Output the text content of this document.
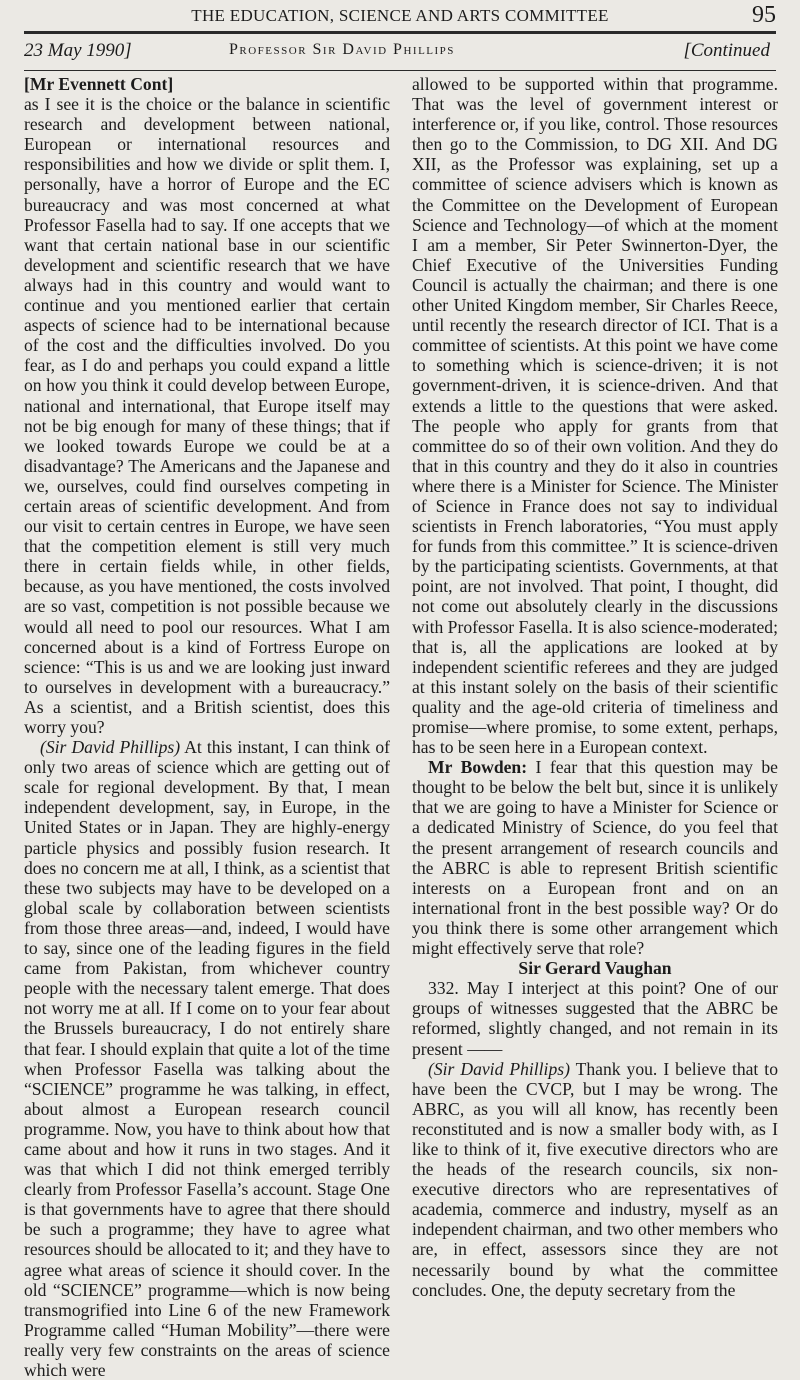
THE EDUCATION, SCIENCE AND ARTS COMMITTEE	95
23 May 1990]	Professor Sir David Phillips	[Continued

[Mr Evennett Cont]

as I see it is the choice or the balance in scientific research and development between national, European or international resources and responsibilities and how we divide or split them. I, personally, have a horror of Europe and the EC bureaucracy and was most concerned at what Professor Fasella had to say. If one accepts that we want that certain national base in our scientific development and scientific research that we have always had in this country and would want to continue and you mentioned earlier that certain aspects of science had to be international because of the cost and the difficulties involved. Do you fear, as I do and perhaps you could expand a little on how you think it could develop between Europe, national and international, that Europe itself may not be big enough for many of these things; that if we looked towards Europe we could be at a disadvantage? The Americans and the Japanese and we, ourselves, could find ourselves competing in certain areas of scientific development. And from our visit to certain centres in Europe, we have seen that the competition element is still very much there in certain fields while, in other fields, because, as you have mentioned, the costs involved are so vast, competition is not possible because we would all need to pool our resources. What I am concerned about is a kind of Fortress Europe on science: “This is us and we are looking just inward to ourselves in development with a bureaucracy.” As a scientist, and a British scientist, does this worry you?

(Sir David Phillips) At this instant, I can think of only two areas of science which are getting out of scale for regional development. By that, I mean independent development, say, in Europe, in the United States or in Japan. They are highly-energy particle physics and possibly fusion research. It does no concern me at all, I think, as a scientist that these two subjects may have to be developed on a global scale by collaboration between scientists from those three areas—and, indeed, I would have to say, since one of the leading figures in the field came from Pakistan, from whichever country people with the necessary talent emerge. That does not worry me at all. If I come on to your fear about the Brussels bureaucracy, I do not entirely share that fear. I should explain that quite a lot of the time when Professor Fasella was talking about the “SCIENCE” programme he was talking, in effect, about almost a European research council programme. Now, you have to think about how that came about and how it runs in two stages. And it was that which I did not think emerged terribly clearly from Professor Fasella’s account. Stage One is that governments have to agree that there should be such a programme; they have to agree what resources should be allocated to it; and they have to agree what areas of science it should cover. In the old “SCIENCE” programme—which is now being transmogrified into Line 6 of the new Framework Programme called “Human Mobility”—there were really very few constraints on the areas of science which were

allowed to be supported within that programme. That was the level of government interest or interference or, if you like, control. Those resources then go to the Commission, to DG XII. And DG XII, as the Professor was explaining, set up a committee of science advisers which is known as the Committee on the Development of European Science and Technology—of which at the moment I am a member, Sir Peter Swinnerton-Dyer, the Chief Executive of the Universities Funding Council is actually the chairman; and there is one other United Kingdom member, Sir Charles Reece, until recently the research director of ICI. That is a committee of scientists. At this point we have come to something which is science-driven; it is not government-driven, it is science-driven. And that extends a little to the questions that were asked. The people who apply for grants from that committee do so of their own volition. And they do that in this country and they do it also in countries where there is a Minister for Science. The Minister of Science in France does not say to individual scientists in French laboratories, “You must apply for funds from this committee.” It is science-driven by the participating scientists. Governments, at that point, are not involved. That point, I thought, did not come out absolutely clearly in the discussions with Professor Fasella. It is also science-moderated; that is, all the applications are looked at by independent scientific referees and they are judged at this instant solely on the basis of their scientific quality and the age-old criteria of timeliness and promise—where promise, to some extent, perhaps, has to be seen here in a European context.

Mr Bowden: I fear that this question may be thought to be below the belt but, since it is unlikely that we are going to have a Minister for Science or a dedicated Ministry of Science, do you feel that the present arrangement of research councils and the ABRC is able to represent British scientific interests on a European front and on an international front in the best possible way? Or do you think there is some other arrangement which might effectively serve that role?

Sir Gerard Vaughan

332. May I interject at this point? One of our groups of witnesses suggested that the ABRC be reformed, slightly changed, and not remain in its present ——

(Sir David Phillips) Thank you. I believe that to have been the CVCP, but I may be wrong. The ABRC, as you will all know, has recently been reconstituted and is now a smaller body with, as I like to think of it, five executive directors who are the heads of the research councils, six non-executive directors who are representatives of academia, commerce and industry, myself as an independent chairman, and two other members who are, in effect, assessors since they are not necessarily bound by what the committee concludes. One, the deputy secretary from the
